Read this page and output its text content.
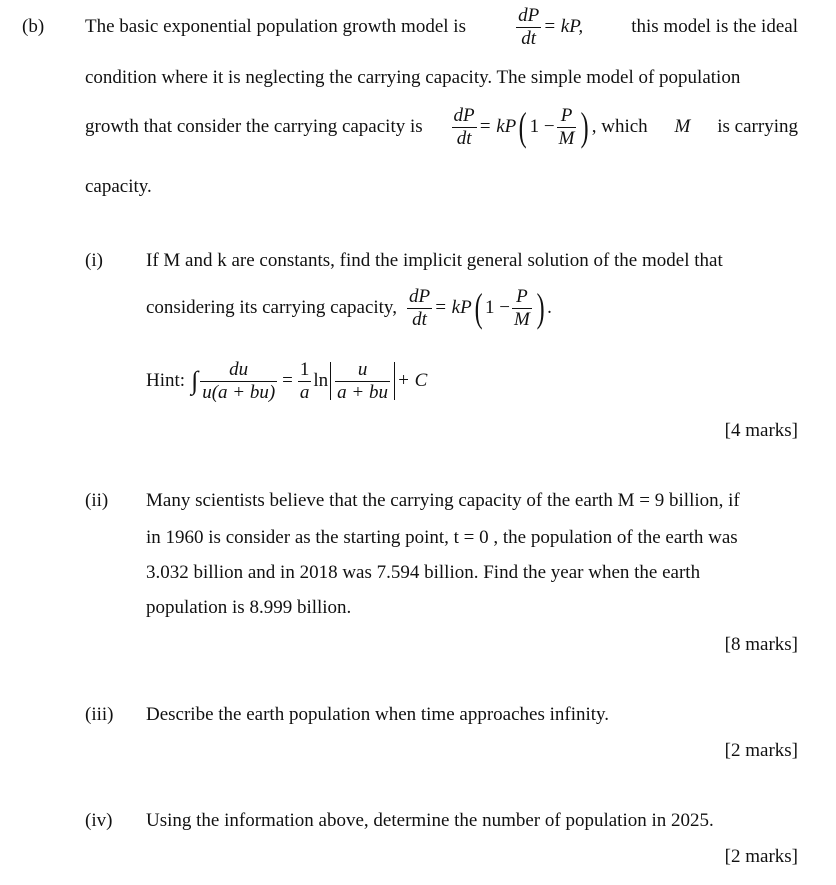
(b) The basic exponential population growth model is	$\frac{dP}{dt}$ = kP,	this model is the ideal
condition where it is neglecting the carrying capacity. The simple model of population
growth that consider the carrying capacity is $\frac{dP}{dt} = kP$( $1 - \frac{P}{M}$ ) , which M is carrying
capacity.
(i) If M and k are constants, find the implicit general solution of the model that
considering its carrying capacity, $\frac{dP}{dt} = kP$( $1 - \frac{P}{M}$ ) .
Hint: ∫ $\frac{du}{u(a + bu)} = \frac{1}{a}$ $\ln \frac{u}{a + bu} + C$
[4 marks]
(ii) Many scientists believe that the carrying capacity of the earth M = 9 billion, if
in 1960 is consider as the starting point, t = 0 , the population of the earth was
3.032 billion and in 2018 was 7.594 billion. Find the year when the earth
population is 8.999 billion.
[8 marks]
(iii) Describe the earth population when time approaches infinity.
[2 marks]
(iv) Using the information above, determine the number of population in 2025.
[2 marks]
